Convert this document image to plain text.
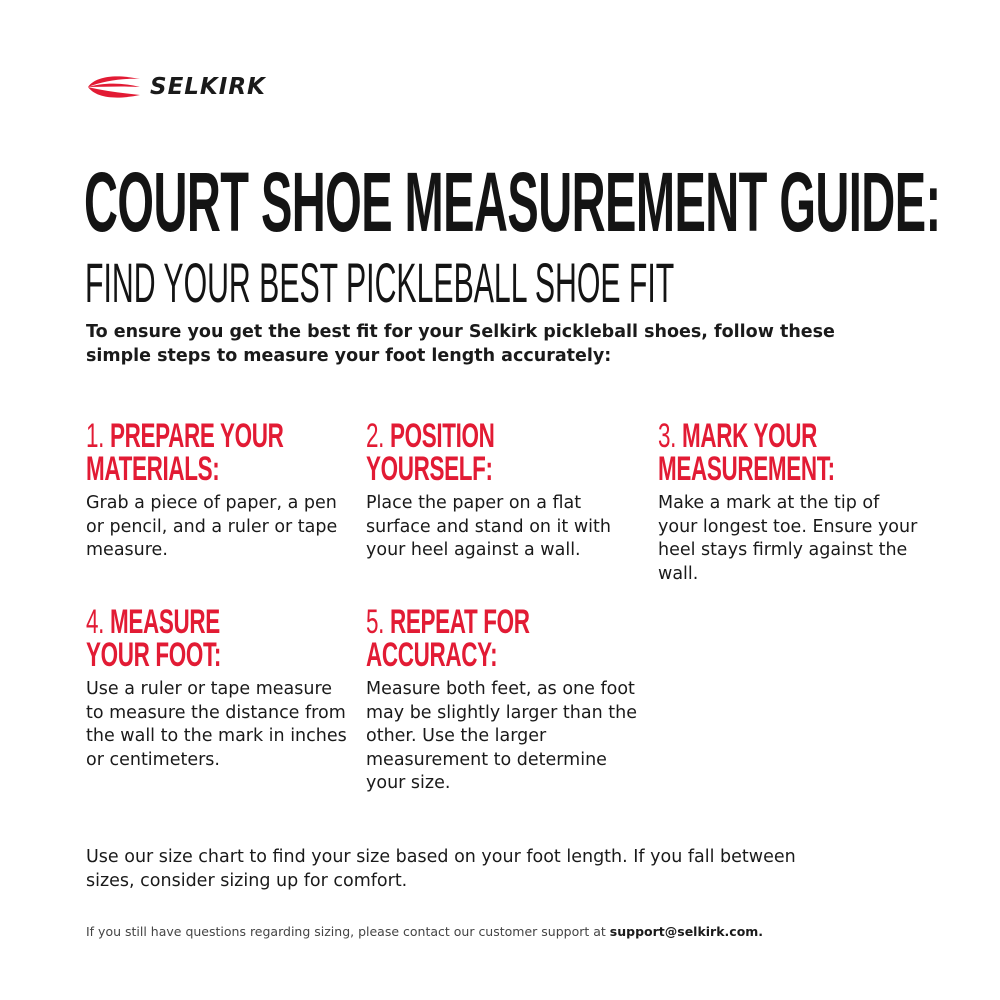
SELKIRK
COURT SHOE MEASUREMENT GUIDE:
FIND YOUR BEST PICKLEBALL SHOE FIT

To ensure you get the best fit for your Selkirk pickleball shoes, follow these simple steps to measure your foot length accurately:

1. PREPARE YOUR
MATERIALS:

Grab a piece of paper, a pen or pencil, and a ruler or tape measure.

2. POSITION
YOURSELF:

Place the paper on a flat surface and stand on it with your heel against a wall.

3. MARK YOUR
MEASUREMENT:

Make a mark at the tip of your longest toe. Ensure your heel stays firmly against the wall.

4. MEASURE
YOUR FOOT:

Use a ruler or tape measure to measure the distance from the wall to the mark in inches or centimeters.

5. REPEAT FOR
ACCURACY:

Measure both feet, as one foot may be slightly larger than the other. Use the larger measurement to determine your size.

Use our size chart to find your size based on your foot length. If you fall between sizes, consider sizing up for comfort.

If you still have questions regarding sizing, please contact our customer support at support@selkirk.com.
